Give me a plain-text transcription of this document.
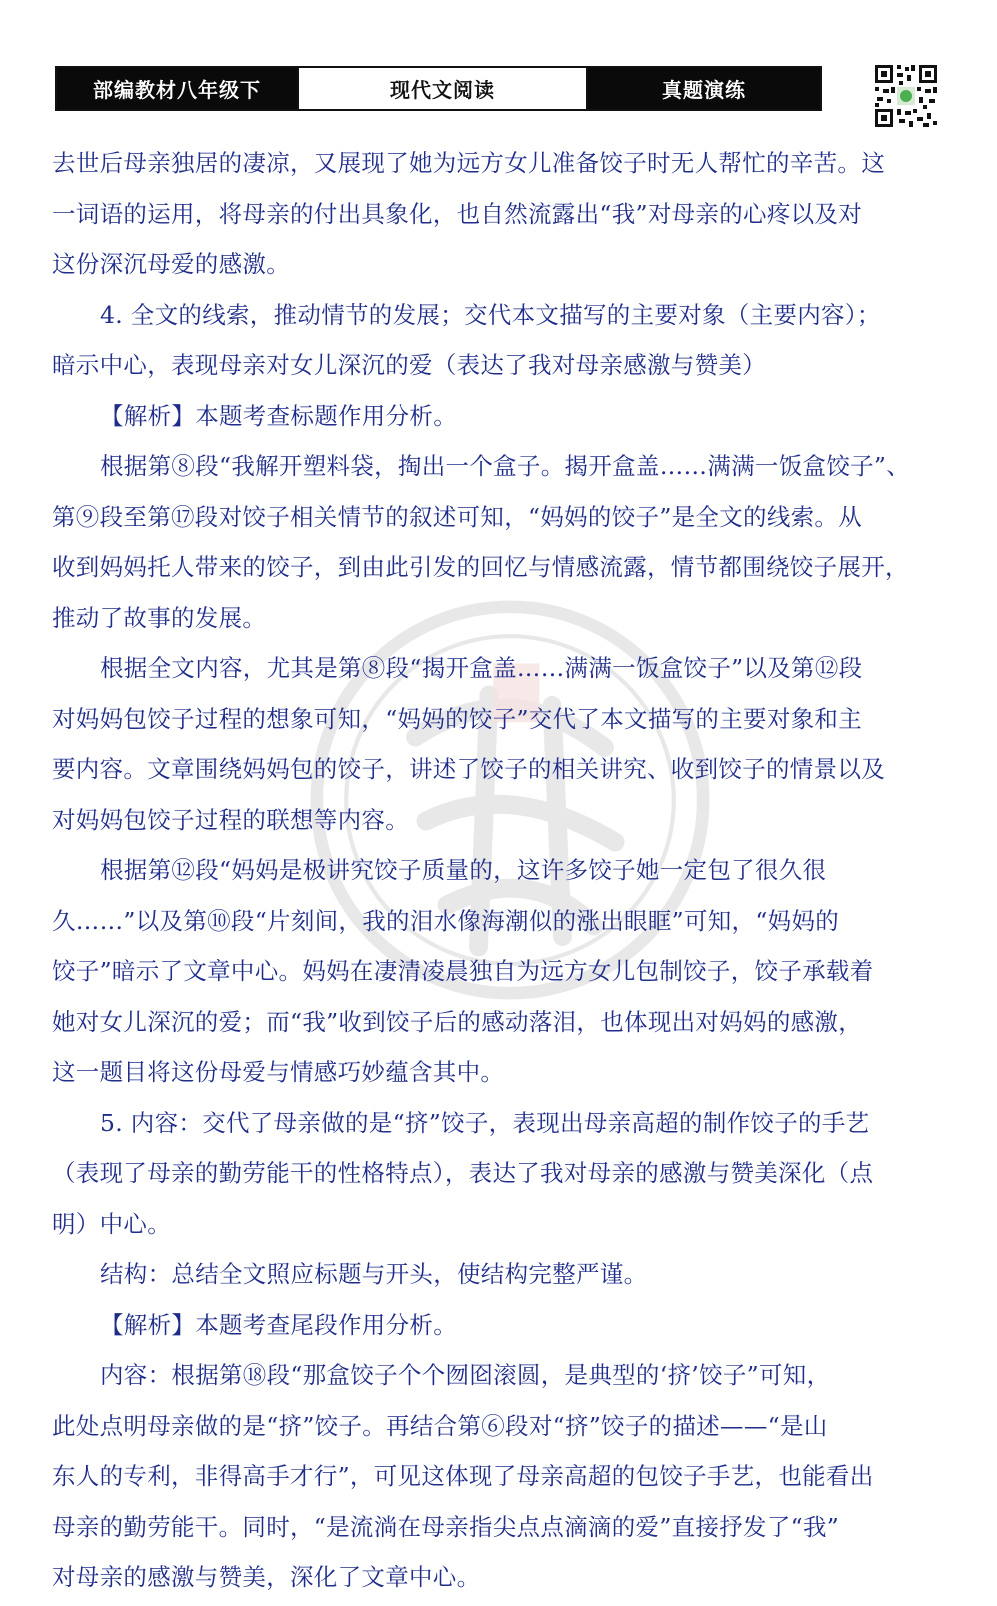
部编教材八年级下	现代文阅读	真题演练
去世后母亲独居的凄凉，又展现了她为远方女儿准备饺子时无人帮忙的辛苦。这
一词语的运用，将母亲的付出具象化，也自然流露出“我”对母亲的心疼以及对
这份深沉母爱的感激。
4. 全文的线索，推动情节的发展；交代本文描写的主要对象（主要内容）；
暗示中心，表现母亲对女儿深沉的爱（表达了我对母亲感激与赞美）
【解析】本题考查标题作用分析。
根据第⑧段“我解开塑料袋，掏出一个盒子。揭开盒盖……满满一饭盒饺子”、
第⑨段至第⑰段对饺子相关情节的叙述可知，“妈妈的饺子”是全文的线索。从
收到妈妈托人带来的饺子，到由此引发的回忆与情感流露，情节都围绕饺子展开，
推动了故事的发展。
根据全文内容，尤其是第⑧段“揭开盒盖……满满一饭盒饺子”以及第⑫段
对妈妈包饺子过程的想象可知，“妈妈的饺子”交代了本文描写的主要对象和主
要内容。文章围绕妈妈包的饺子，讲述了饺子的相关讲究、收到饺子的情景以及
对妈妈包饺子过程的联想等内容。
根据第⑫段“妈妈是极讲究饺子质量的，这许多饺子她一定包了很久很
久……”以及第⑩段“片刻间，我的泪水像海潮似的涨出眼眶”可知，“妈妈的
饺子”暗示了文章中心。妈妈在凄清凌晨独自为远方女儿包制饺子，饺子承载着
她对女儿深沉的爱；而“我”收到饺子后的感动落泪，也体现出对妈妈的感激，
这一题目将这份母爱与情感巧妙蕴含其中。
5. 内容：交代了母亲做的是“挤”饺子，表现出母亲高超的制作饺子的手艺
（表现了母亲的勤劳能干的性格特点），表达了我对母亲的感激与赞美深化（点
明）中心。
结构：总结全文照应标题与开头，使结构完整严谨。
【解析】本题考查尾段作用分析。
内容：根据第⑱段“那盒饺子个个囫囵滚圆，是典型的‘挤’饺子”可知，
此处点明母亲做的是“挤”饺子。再结合第⑥段对“挤”饺子的描述——“是山
东人的专利，非得高手才行”，可见这体现了母亲高超的包饺子手艺，也能看出
母亲的勤劳能干。同时，“是流淌在母亲指尖点点滴滴的爱”直接抒发了“我”
对母亲的感激与赞美，深化了文章中心。
